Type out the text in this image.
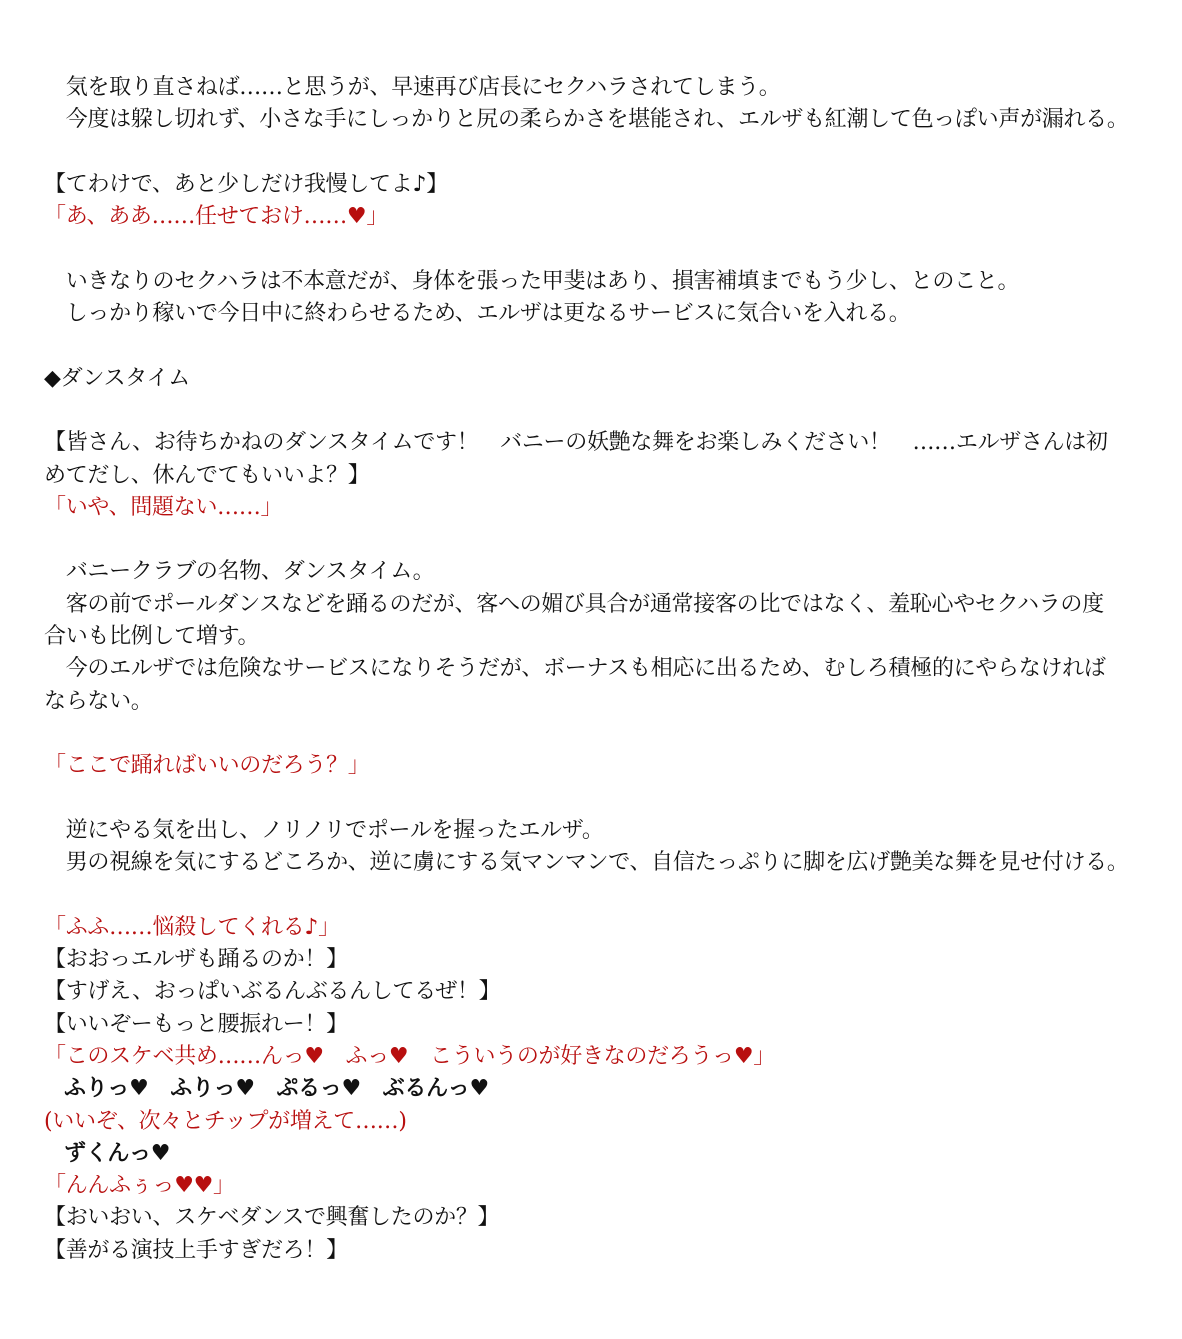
　気を取り直さねば……と思うが、早速再び店長にセクハラされてしまう。
　今度は躱し切れず、小さな手にしっかりと尻の柔らかさを堪能され、エルザも紅潮して色っぽい声が漏れる。
【てわけで、あと少しだけ我慢してよ♪】
「あ、ああ……任せておけ……♥」
　いきなりのセクハラは不本意だが、身体を張った甲斐はあり、損害補填までもう少し、とのこと。
　しっかり稼いで今日中に終わらせるため、エルザは更なるサービスに気合いを入れる。
◆ダンスタイム
【皆さん、お待ちかねのダンスタイムです！　バニーの妖艶な舞をお楽しみください！　……エルザさんは初
めてだし、休んでてもいいよ？】
「いや、問題ない……」
　バニークラブの名物、ダンスタイム。
　客の前でポールダンスなどを踊るのだが、客への媚び具合が通常接客の比ではなく、羞恥心やセクハラの度
合いも比例して増す。
　今のエルザでは危険なサービスになりそうだが、ボーナスも相応に出るため、むしろ積極的にやらなければ
ならない。
「ここで踊ればいいのだろう？」
　逆にやる気を出し、ノリノリでポールを握ったエルザ。
　男の視線を気にするどころか、逆に虜にする気マンマンで、自信たっぷりに脚を広げ艶美な舞を見せ付ける。
「ふふ……悩殺してくれる♪」
【おおっエルザも踊るのか！】
【すげえ、おっぱいぶるんぶるんしてるぜ！】
【いいぞーもっと腰振れー！】
「このスケベ共め……んっ♥　ふっ♥　こういうのが好きなのだろうっ♥」
ふりっ♥　ふりっ♥　ぷるっ♥　ぶるんっ♥
(いいぞ、次々とチップが増えて……)
ずくんっ♥
「んんふぅっ♥♥」
【おいおい、スケベダンスで興奮したのか？】
【善がる演技上手すぎだろ！】
